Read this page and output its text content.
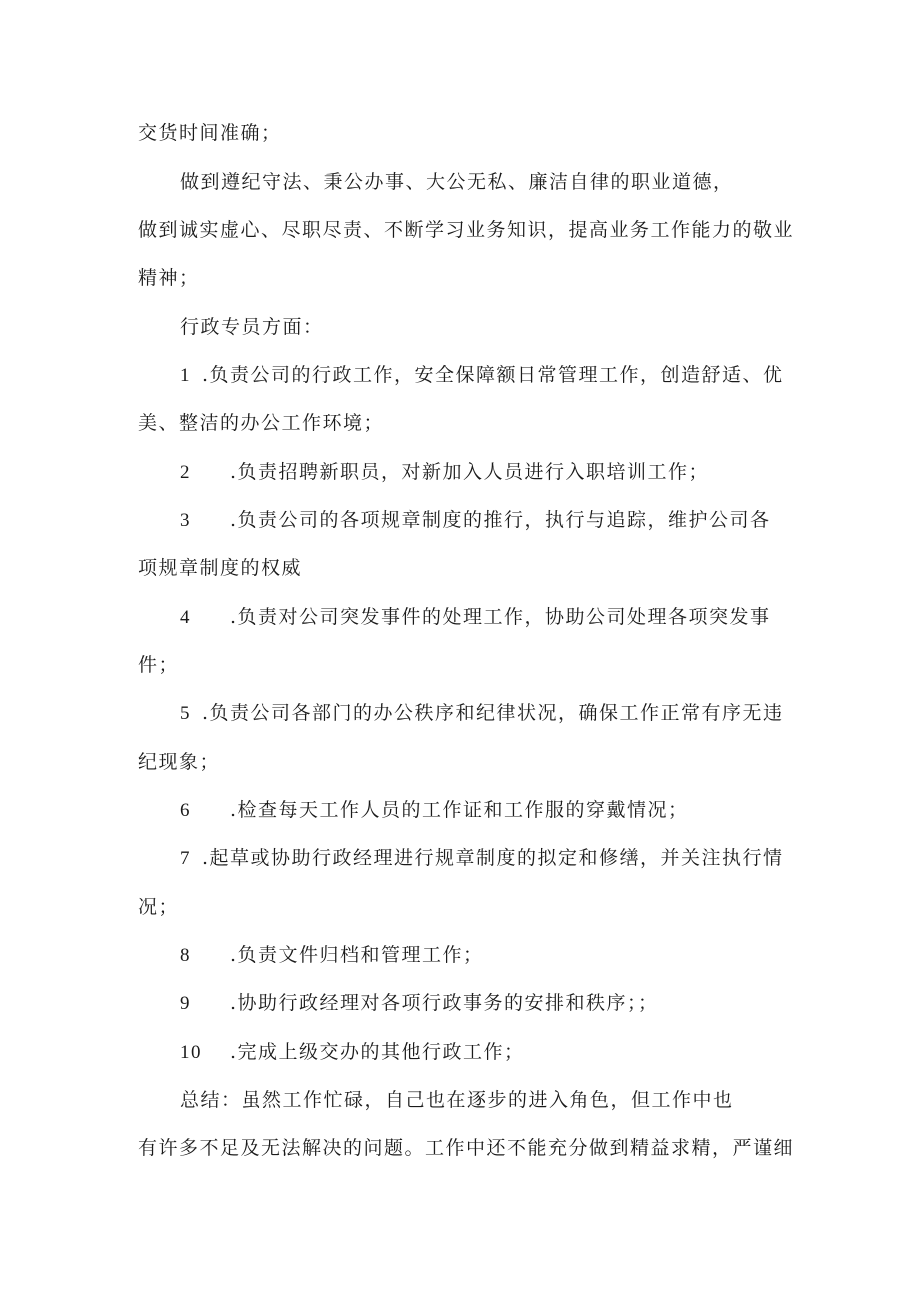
交货时间准确；
做到遵纪守法、秉公办事、大公无私、廉洁自律的职业道德，
做到诚实虚心、尽职尽责、不断学习业务知识，提高业务工作能力的敬业
精神；
行政专员方面：
1 .负责公司的行政工作，安全保障额日常管理工作，创造舒适、优
美、整洁的办公工作环境；
2 .负责招聘新职员，对新加入人员进行入职培训工作；
3 .负责公司的各项规章制度的推行，执行与追踪，维护公司各
项规章制度的权威
4 .负责对公司突发事件的处理工作，协助公司处理各项突发事
件；
5 .负责公司各部门的办公秩序和纪律状况，确保工作正常有序无违
纪现象；
6 .检查每天工作人员的工作证和工作服的穿戴情况；
7 .起草或协助行政经理进行规章制度的拟定和修缮，并关注执行情
况；
8 .负责文件归档和管理工作；
9 .协助行政经理对各项行政事务的安排和秩序；；
10 .完成上级交办的其他行政工作；
总结：虽然工作忙碌，自己也在逐步的进入角色，但工作中也
有许多不足及无法解决的问题。工作中还不能充分做到精益求精，严谨细
